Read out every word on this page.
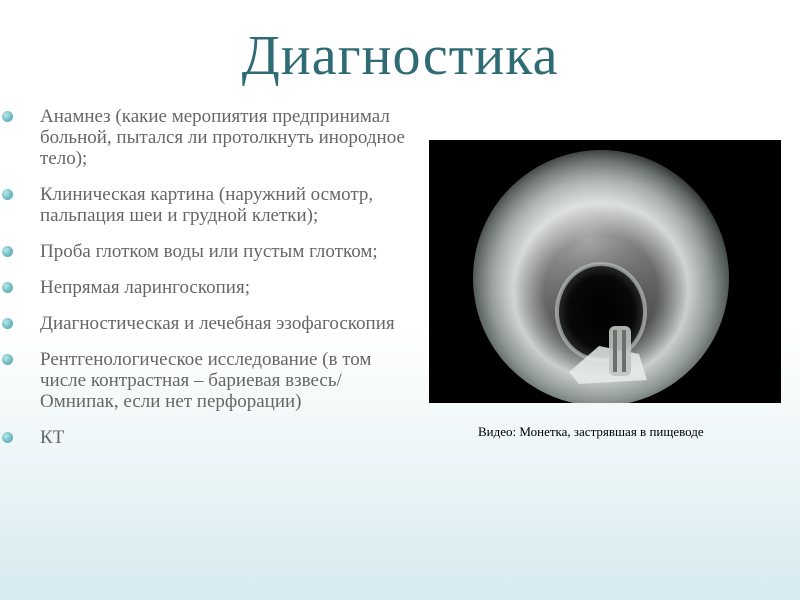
Диагностика
Анамнез (какие меропиятия предпринимал больной, пытался ли протолкнуть инородное тело);
Клиническая картина (наружний осмотр, пальпация шеи и грудной клетки);
Проба глотком воды или пустым глотком;
Непрямая ларингоскопия;
Диагностическая и лечебная эзофагоскопия
Рентгенологическое исследование (в том числе контрастная – бариевая взвесь/Омнипак, если нет перфорации)
КТ	Видео: Монетка, застрявшая в пищеводе
